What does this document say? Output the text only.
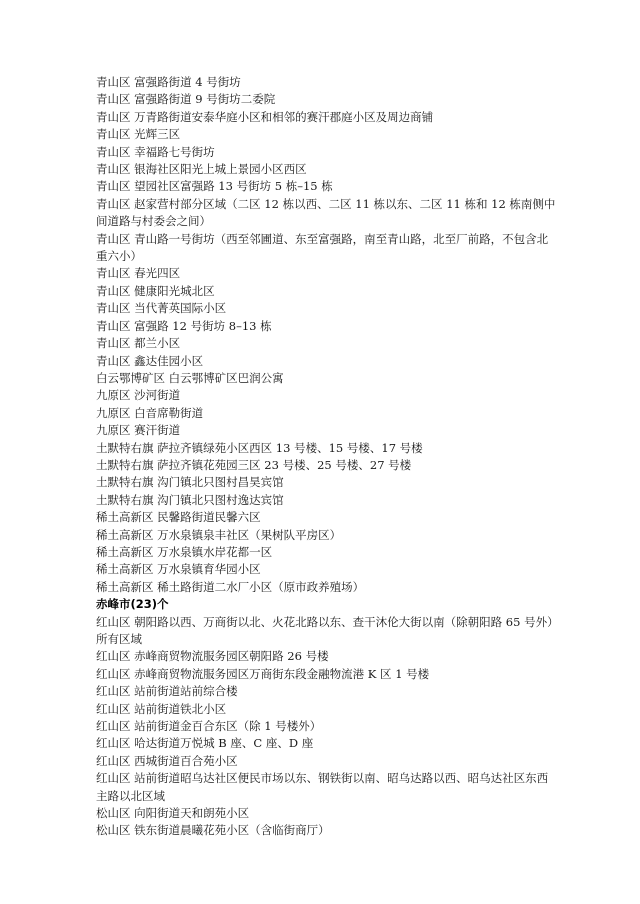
青山区 富强路街道 4 号街坊

青山区 富强路街道 9 号街坊二委院

青山区 万青路街道安泰华庭小区和相邻的赛汗郡庭小区及周边商铺

青山区 光辉三区

青山区 幸福路七号街坊

青山区 银海社区阳光上城上景园小区西区

青山区 望园社区富强路 13 号街坊 5 栋–15 栋

青山区 赵家营村部分区域（二区 12 栋以西、二区 11 栋以东、二区 11 栋和 12 栋南侧中间道路与村委会之间）

青山区 青山路一号街坊（西至邻圃道、东至富强路，南至青山路，北至厂前路，不包含北重六小）

青山区 春光四区

青山区 健康阳光城北区

青山区 当代菁英国际小区

青山区 富强路 12 号街坊 8–13 栋

青山区 都兰小区

青山区 鑫达佳园小区

白云鄂博矿区 白云鄂博矿区巴润公寓

九原区 沙河街道

九原区 白音席勒街道

九原区 赛汗街道

土默特右旗 萨拉齐镇绿苑小区西区 13 号楼、15 号楼、17 号楼

土默特右旗 萨拉齐镇花苑园三区 23 号楼、25 号楼、27 号楼

土默特右旗 沟门镇北只图村昌昊宾馆

土默特右旗 沟门镇北只图村逸达宾馆

稀土高新区 民馨路街道民馨六区

稀土高新区 万水泉镇泉丰社区（果树队平房区）

稀土高新区 万水泉镇水岸花都一区

稀土高新区 万水泉镇育华园小区

稀土高新区 稀土路街道二水厂小区（原市政养殖场）

赤峰市(23)个

红山区 朝阳路以西、万商街以北、火花北路以东、查干沐伦大街以南（除朝阳路 65 号外）所有区域

红山区 赤峰商贸物流服务园区朝阳路 26 号楼

红山区 赤峰商贸物流服务园区万商街东段金融物流港 K 区 1 号楼

红山区 站前街道站前综合楼

红山区 站前街道铁北小区

红山区 站前街道金百合东区（除 1 号楼外）

红山区 哈达街道万悦城 B 座、C 座、D 座

红山区 西城街道百合苑小区

红山区 站前街道昭乌达社区便民市场以东、钢铁街以南、昭乌达路以西、昭乌达社区东西主路以北区域

松山区 向阳街道天和朗苑小区

松山区 铁东街道晨曦花苑小区（含临街商厅）
